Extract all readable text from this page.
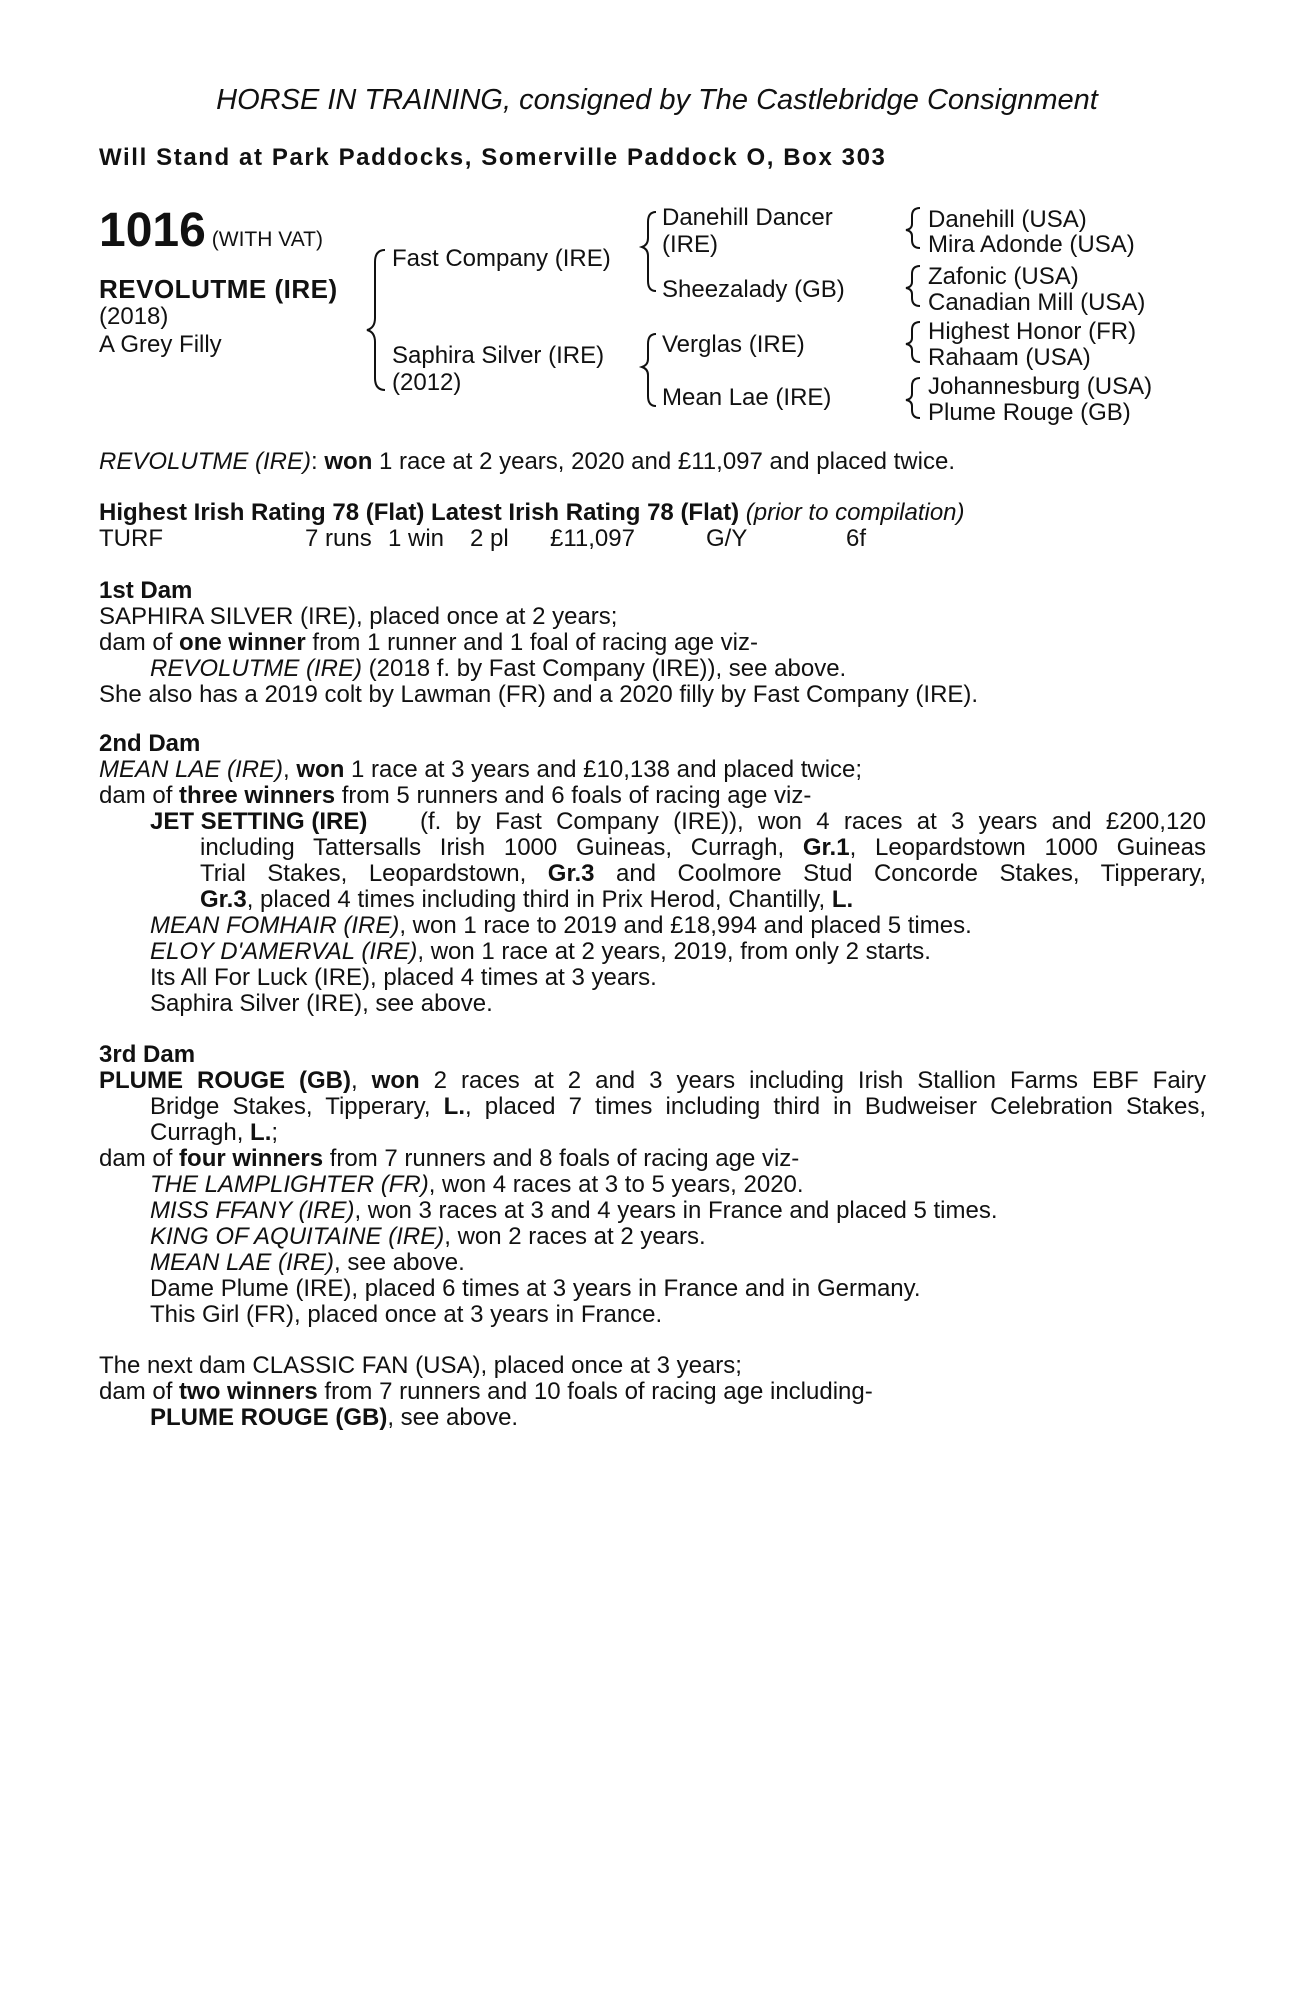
HORSE IN TRAINING, consigned by The Castlebridge Consignment
Will Stand at Park Paddocks, Somerville Paddock O, Box 303
1016 (WITH VAT)
REVOLUTME (IRE)
(2018)
A Grey Filly
Fast Company (IRE)
Saphira Silver (IRE)
(2012)
Danehill Dancer
(IRE)
Sheezalady (GB)
Verglas (IRE)
Mean Lae (IRE)
Danehill (USA)
Mira Adonde (USA)
Zafonic (USA)
Canadian Mill (USA)
Highest Honor (FR)
Rahaam (USA)
Johannesburg (USA)
Plume Rouge (GB)
REVOLUTME (IRE): won 1 race at 2 years, 2020 and £11,097 and placed twice.
Highest Irish Rating 78 (Flat) Latest Irish Rating 78 (Flat) (prior to compilation)
TURF	7 runs 1 win 2 pl £11,097	G/Y	6f
1st Dam
SAPHIRA SILVER (IRE), placed once at 2 years;
dam of one winner from 1 runner and 1 foal of racing age viz-
REVOLUTME (IRE) (2018 f. by Fast Company (IRE)), see above.
She also has a 2019 colt by Lawman (FR) and a 2020 filly by Fast Company (IRE).
2nd Dam
MEAN LAE (IRE), won 1 race at 3 years and £10,138 and placed twice;
dam of three winners from 5 runners and 6 foals of racing age viz-
JET SETTING (IRE) (f. by Fast Company (IRE)), won 4 races at 3 years and £200,120
including Tattersalls Irish 1000 Guineas, Curragh, Gr.1, Leopardstown 1000 Guineas
Trial Stakes, Leopardstown, Gr.3 and Coolmore Stud Concorde Stakes, Tipperary,
Gr.3, placed 4 times including third in Prix Herod, Chantilly, L.
MEAN FOMHAIR (IRE), won 1 race to 2019 and £18,994 and placed 5 times.
ELOY D'AMERVAL (IRE), won 1 race at 2 years, 2019, from only 2 starts.
Its All For Luck (IRE), placed 4 times at 3 years.
Saphira Silver (IRE), see above.
3rd Dam
PLUME ROUGE (GB), won 2 races at 2 and 3 years including Irish Stallion Farms EBF Fairy
Bridge Stakes, Tipperary, L., placed 7 times including third in Budweiser Celebration Stakes,
Curragh, L.;
dam of four winners from 7 runners and 8 foals of racing age viz-
THE LAMPLIGHTER (FR), won 4 races at 3 to 5 years, 2020.
MISS FFANY (IRE), won 3 races at 3 and 4 years in France and placed 5 times.
KING OF AQUITAINE (IRE), won 2 races at 2 years.
MEAN LAE (IRE), see above.
Dame Plume (IRE), placed 6 times at 3 years in France and in Germany.
This Girl (FR), placed once at 3 years in France.
The next dam CLASSIC FAN (USA), placed once at 3 years;
dam of two winners from 7 runners and 10 foals of racing age including-
PLUME ROUGE (GB), see above.
